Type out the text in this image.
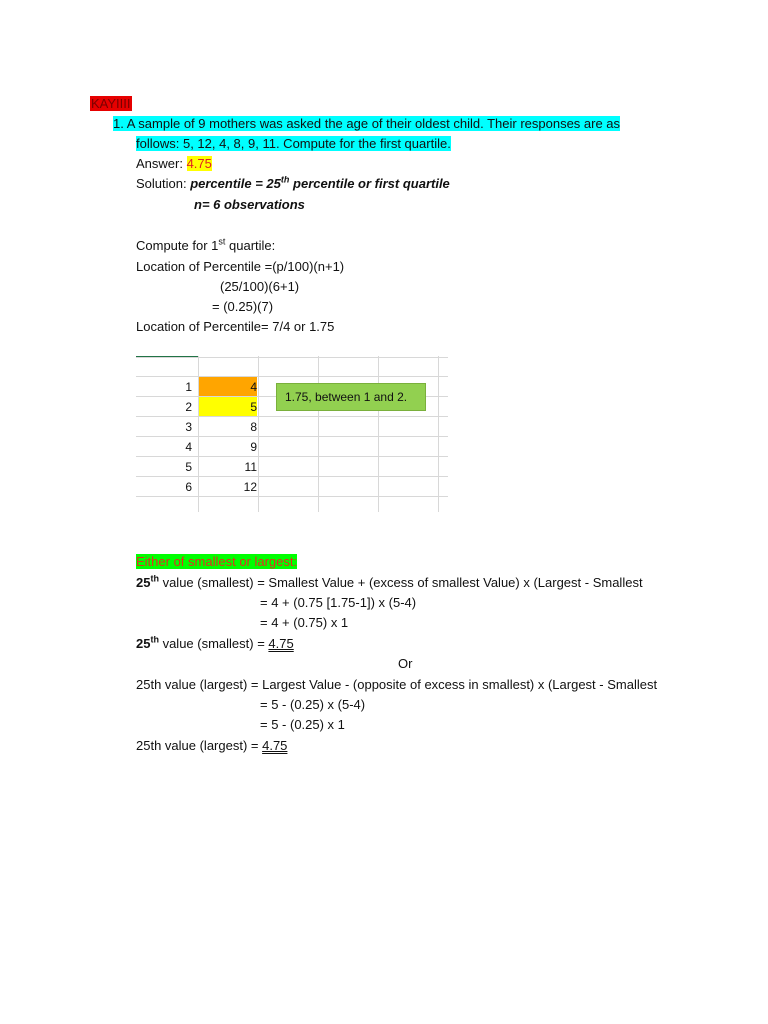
KAYIIII
1. A sample of 9 mothers was asked the age of their oldest child. Their responses are as
follows: 5, 12, 4, 8, 9, 11. Compute for the first quartile.
Answer: 4.75
Solution: percentile = 25th percentile or first quartile
n= 6 observations
Compute for 1st quartile:
Location of Percentile =(p/100)(n+1)
(25/100)(6+1)
= (0.25)(7)
Location of Percentile= 7/4 or 1.75
1	4
2	5
3	8
4	9
5	11
6	12
1.75, between 1 and 2.
Either of smallest or largest:
25th value (smallest) = Smallest Value + (excess of smallest Value) x (Largest - Smallest
= 4 + (0.75 [1.75-1]) x (5-4)
= 4 + (0.75) x 1
25th value (smallest) = 4.75
Or
25th value (largest) = Largest Value - (opposite of excess in smallest) x (Largest - Smallest
= 5 - (0.25) x (5-4)
= 5 - (0.25) x 1
25th value (largest) = 4.75
